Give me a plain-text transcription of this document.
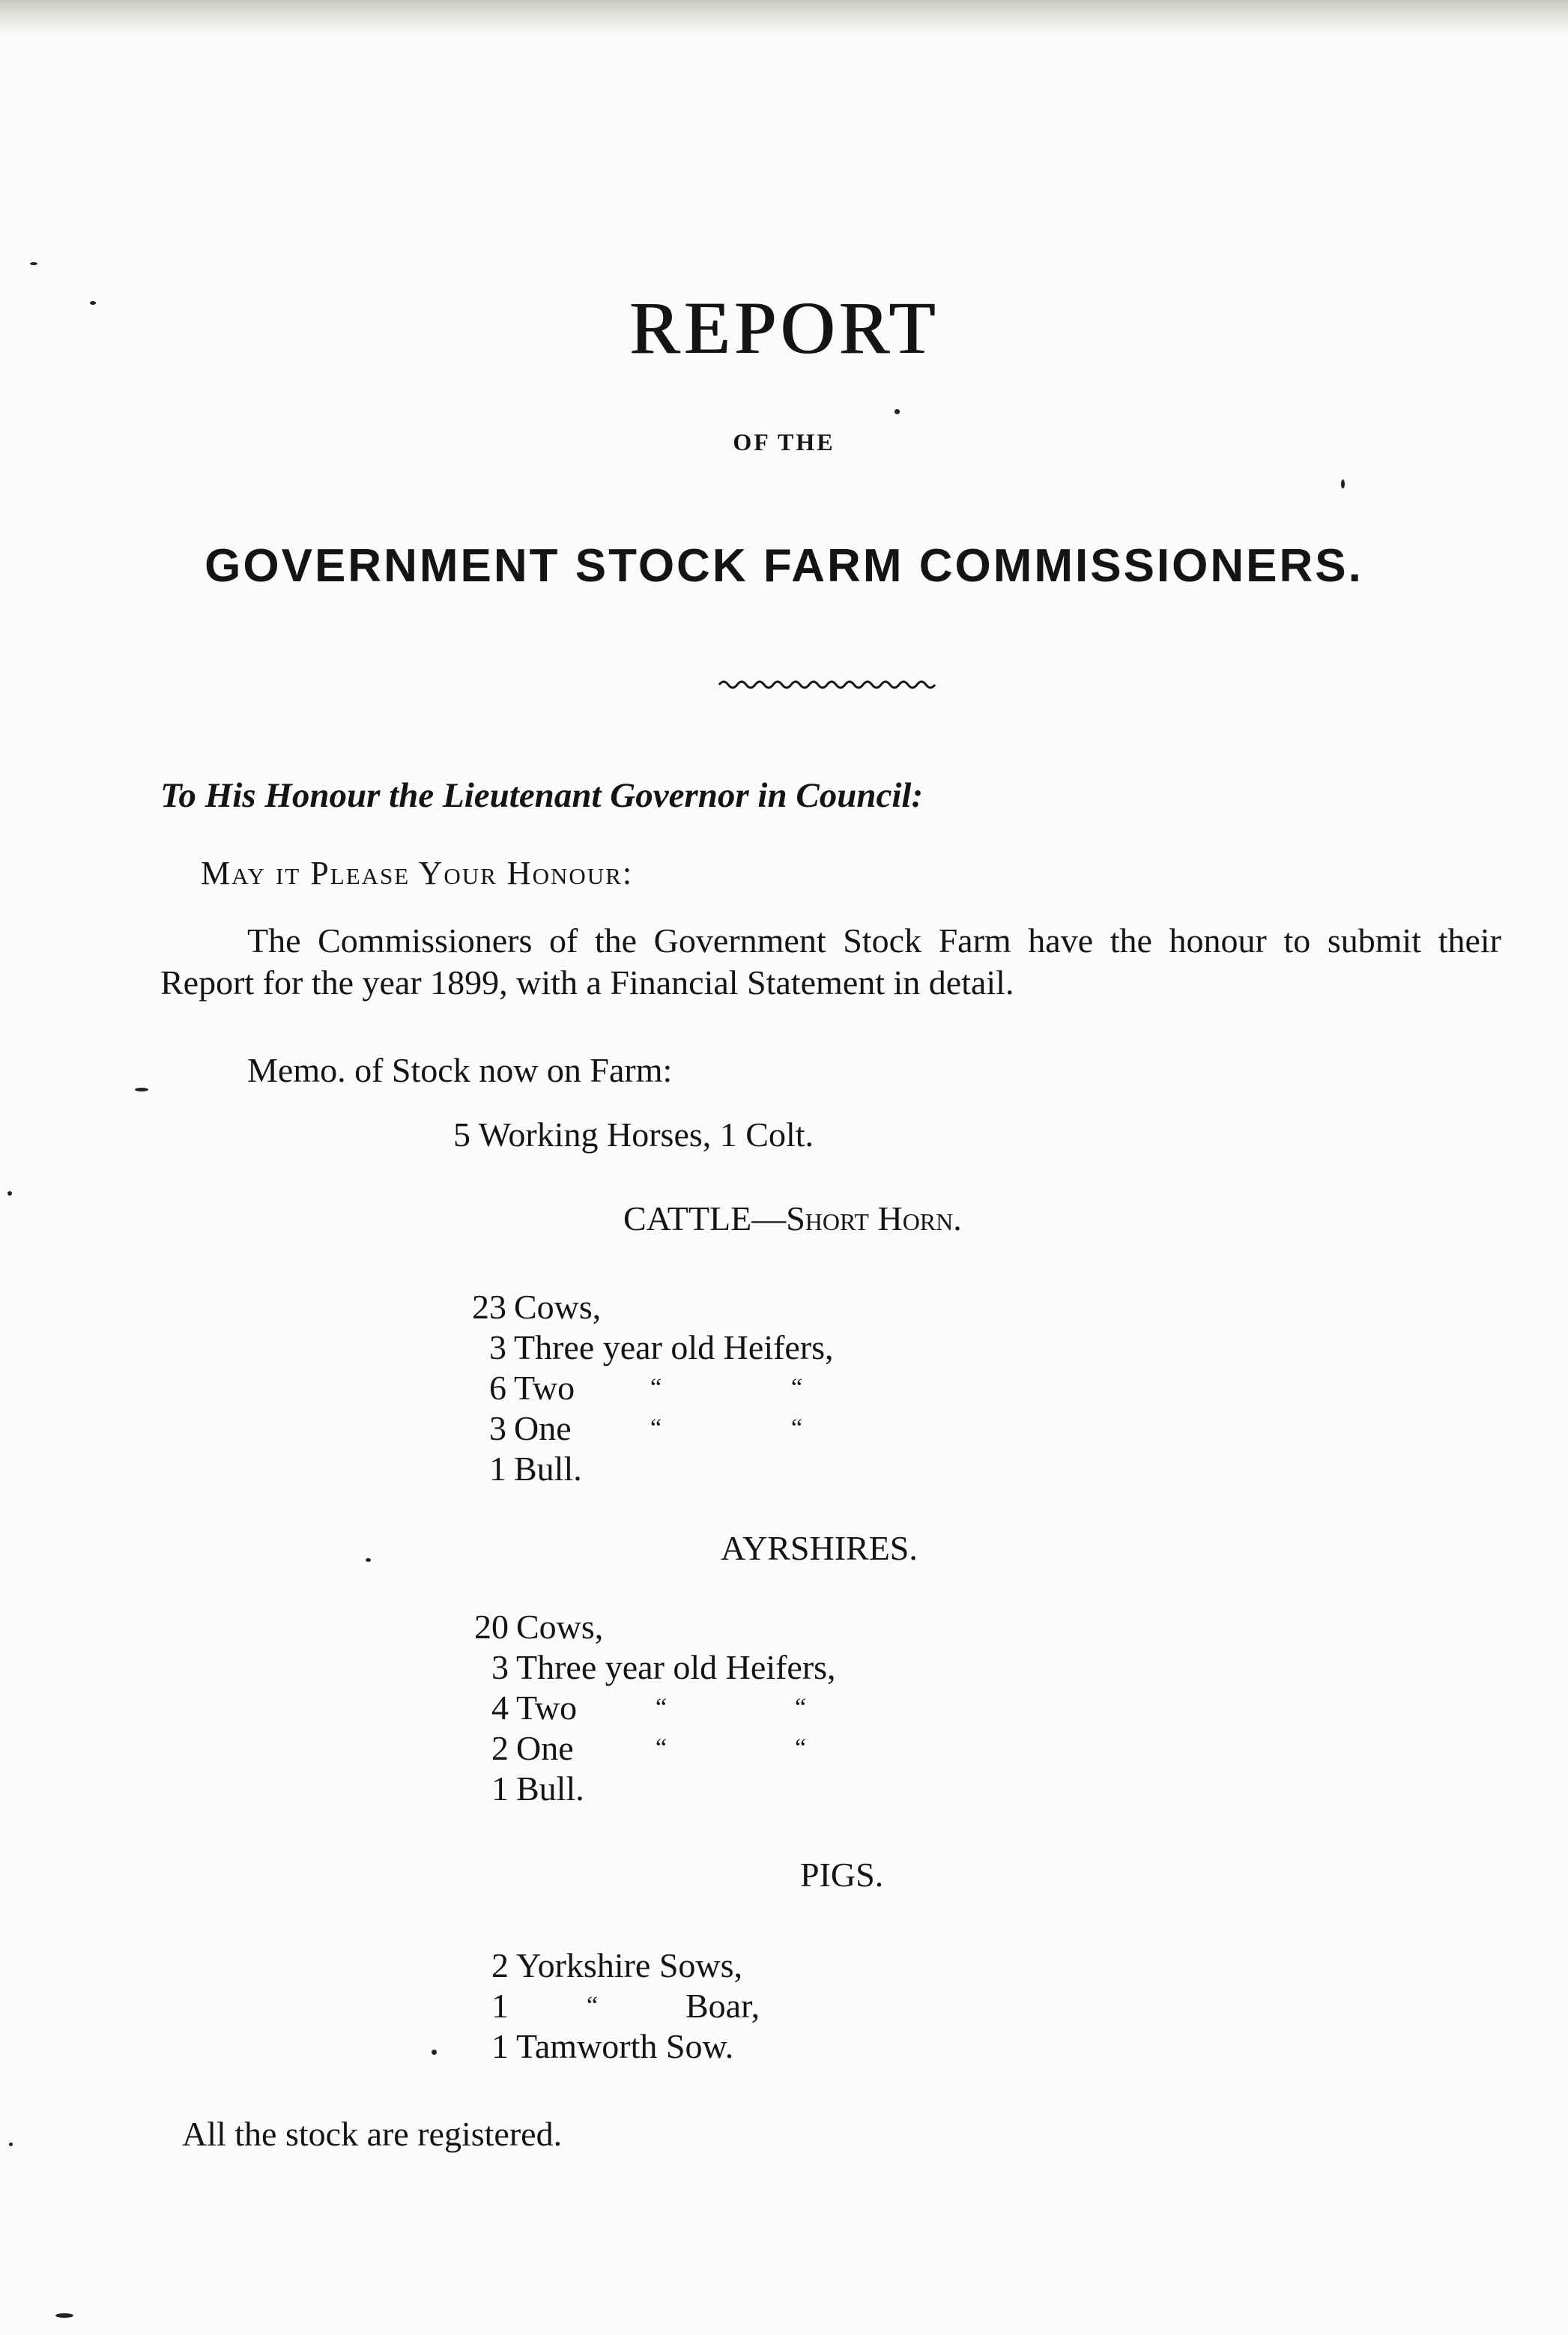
REPORT
OF THE
GOVERNMENT STOCK FARM COMMISSIONERS.
To His Honour the Lieutenant Governor in Council:
May it Please Your Honour:
The Commissioners of the Government Stock Farm have the honour to submit their Report for the year 1899, with a Financial Statement in detail.
Memo. of Stock now on Farm:
5 Working Horses, 1 Colt.
CATTLE—Short Horn.
23 Cows,
3 Three year old Heifers,
6 Two	“	“
3 One	“	“
1 Bull.
AYRSHIRES.
20 Cows,
3 Three year old Heifers,
4 Two	“	“
2 One	“	“
1 Bull.
PIGS.
2 Yorkshire Sows,
1	“	Boar,
1 Tamworth Sow.
All the stock are registered.
